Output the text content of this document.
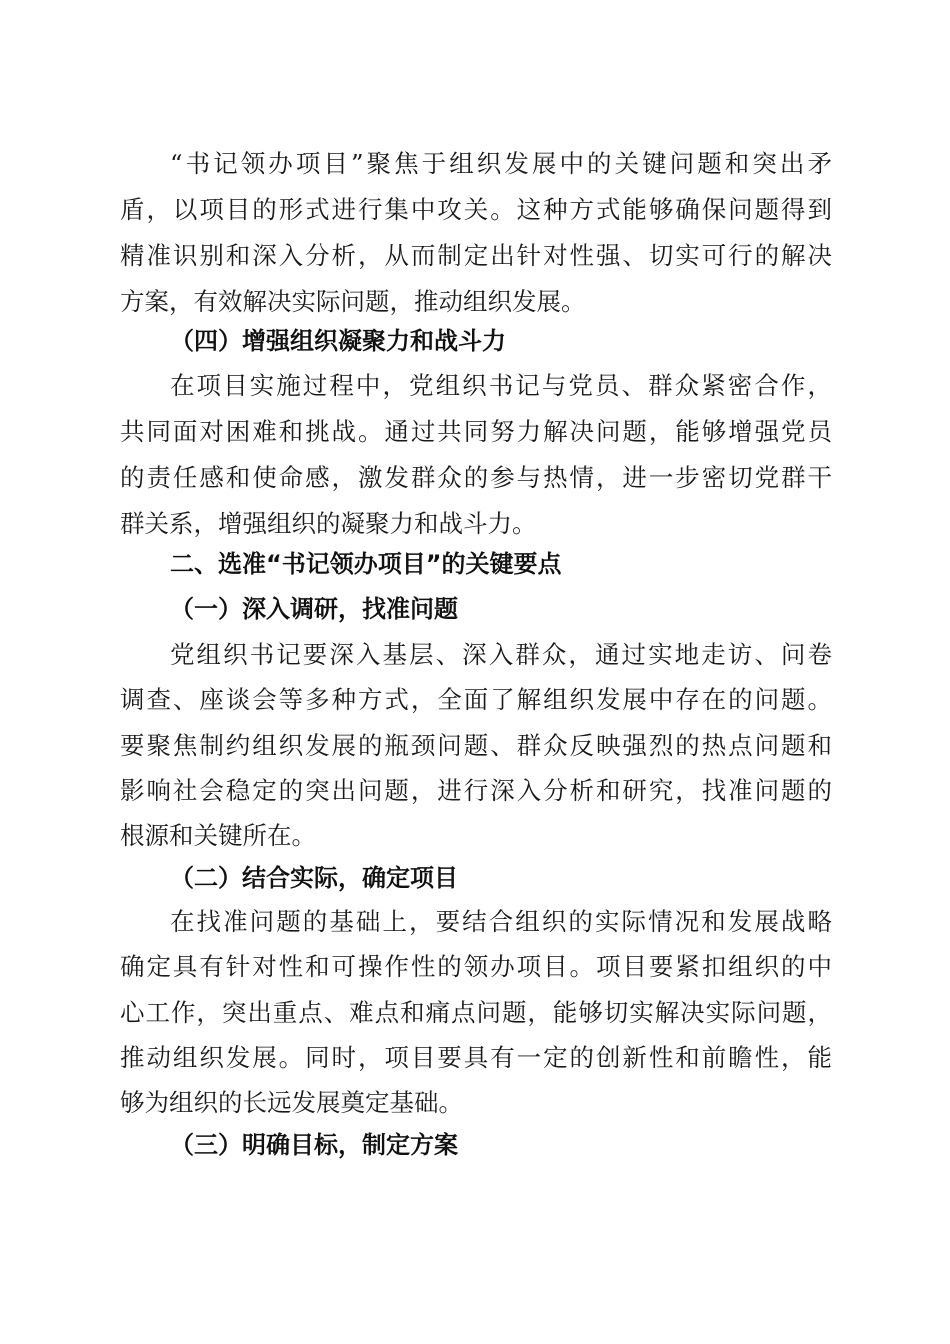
“书记领办项目”聚焦于组织发展中的关键问题和突出矛
盾，以项目的形式进行集中攻关。这种方式能够确保问题得到
精准识别和深入分析，从而制定出针对性强、切实可行的解决
方案，有效解决实际问题，推动组织发展。
（四）增强组织凝聚力和战斗力
在项目实施过程中，党组织书记与党员、群众紧密合作，
共同面对困难和挑战。通过共同努力解决问题，能够增强党员
的责任感和使命感，激发群众的参与热情，进一步密切党群干
群关系，增强组织的凝聚力和战斗力。
二、选准“书记领办项目”的关键要点
（一）深入调研，找准问题
党组织书记要深入基层、深入群众，通过实地走访、问卷
调查、座谈会等多种方式，全面了解组织发展中存在的问题。
要聚焦制约组织发展的瓶颈问题、群众反映强烈的热点问题和
影响社会稳定的突出问题，进行深入分析和研究，找准问题的
根源和关键所在。
（二）结合实际，确定项目
在找准问题的基础上，要结合组织的实际情况和发展战略
确定具有针对性和可操作性的领办项目。项目要紧扣组织的中
心工作，突出重点、难点和痛点问题，能够切实解决实际问题，
推动组织发展。同时，项目要具有一定的创新性和前瞻性，能
够为组织的长远发展奠定基础。
（三）明确目标，制定方案
